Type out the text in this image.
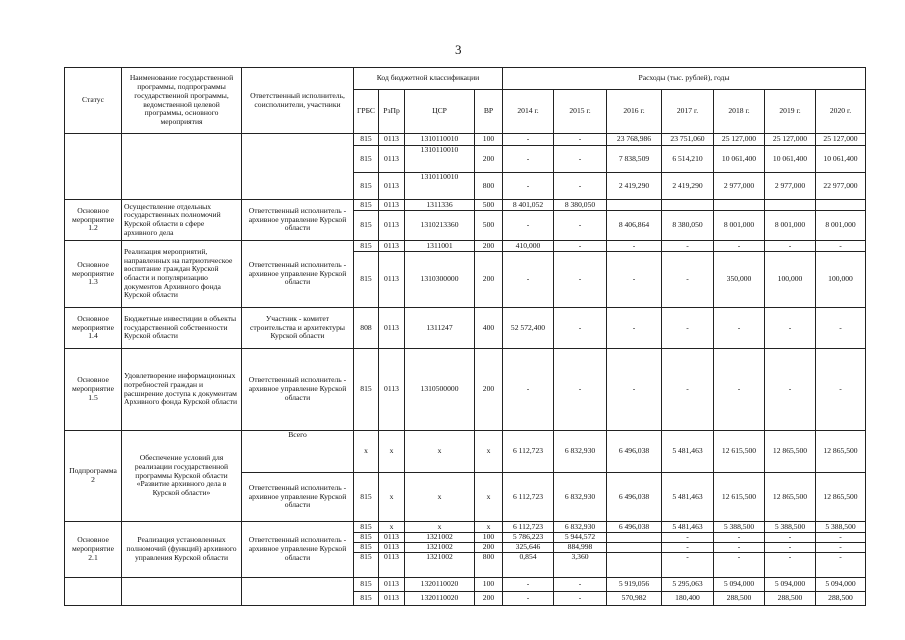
3
Статус	Наименование государственной программы, подпрограммы государственной программы, ведомственной целевой программы, основного мероприятия	Ответственный исполнитель, соисполнители, участники	Код бюджетной классификации				Расходы (тыс. рублей), годы						
			ГРБС	РзПр	ЦСР	ВР	2014 г.	2015 г.	2016 г.	2017 г.	2018 г.	2019 г.	2020 г.
			815	0113	1310110010	100	-	-	23 768,986	23 751,060	25 127,000	25 127,000	25 127,000
			815	0113	1310110010	200	-	-	7 838,509	6 514,210	10 061,400	10 061,400	10 061,400
			815	0113	1310110010	800	-	-	2 419,290	2 419,290	2 977,000	2 977,000	22 977,000
Основное мероприятие 1.2	Осуществление отдельных государственных полномочий Курской области в сфере архивного дела	Ответственный исполнитель - архивное управление Курской области	815	0113	1311336	500	8 401,052	8 380,050					
			815	0113	1310213360	500	-	-	8 406,864	8 380,050	8 001,000	8 001,000	8 001,000
Основное мероприятие 1.3	Реализация мероприятий, направленных на патриотическое воспитание граждан Курской области и популяризацию документов Архивного фонда Курской области	Ответственный исполнитель - архивное управление Курской области	815	0113	1311001	200	410,000	-	-	-	-	-	-
			815	0113	1310300000	200	-	-	-	-	350,000	100,000	100,000
Основное мероприятие 1.4	Бюджетные инвестиции в объекты государственной собственности Курской области	Участник - комитет строительства и архитектуры Курской области	808	0113	1311247	400	52 572,400	-	-	-	-	-	-
Основное мероприятие 1.5	Удовлетворение информационных потребностей граждан и расширение доступа к документам Архивного фонда Курской области	Ответственный исполнитель - архивное управление Курской области	815	0113	1310500000	200	-	-	-	-	-	-	-
Подпрограмма 2	Обеспечение условий для реализации государственной программы Курской области «Развитие архивного дела в Курской области»	Всего	x	x	x	x	6 112,723	6 832,930	6 496,038	5 481,463	12 615,500	12 865,500	12 865,500
		Ответственный исполнитель - архивное управление Курской области	815	x	x	x	6 112,723	6 832,930	6 496,038	5 481,463	12 615,500	12 865,500	12 865,500
Основное мероприятие 2.1	Реализация установленных полномочий (функций) архивного управления Курской области	Ответственный исполнитель - архивное управление Курской области	815	x	x	x	6 112,723	6 832,930	6 496,038	5 481,463	5 388,500	5 388,500	5 388,500
			815	0113	1321002	100	5 786,223	5 944,572		-	-	-	-
			815	0113	1321002	200	325,646	884,998		-	-	-	-
			815	0113	1321002	800	0,854	3,360		-	-	-	-
			815	0113	1320110020	100	-	-	5 919,056	5 295,063	5 094,000	5 094,000	5 094,000
			815	0113	1320110020	200	-	-	570,982	180,400	288,500	288,500	288,500
